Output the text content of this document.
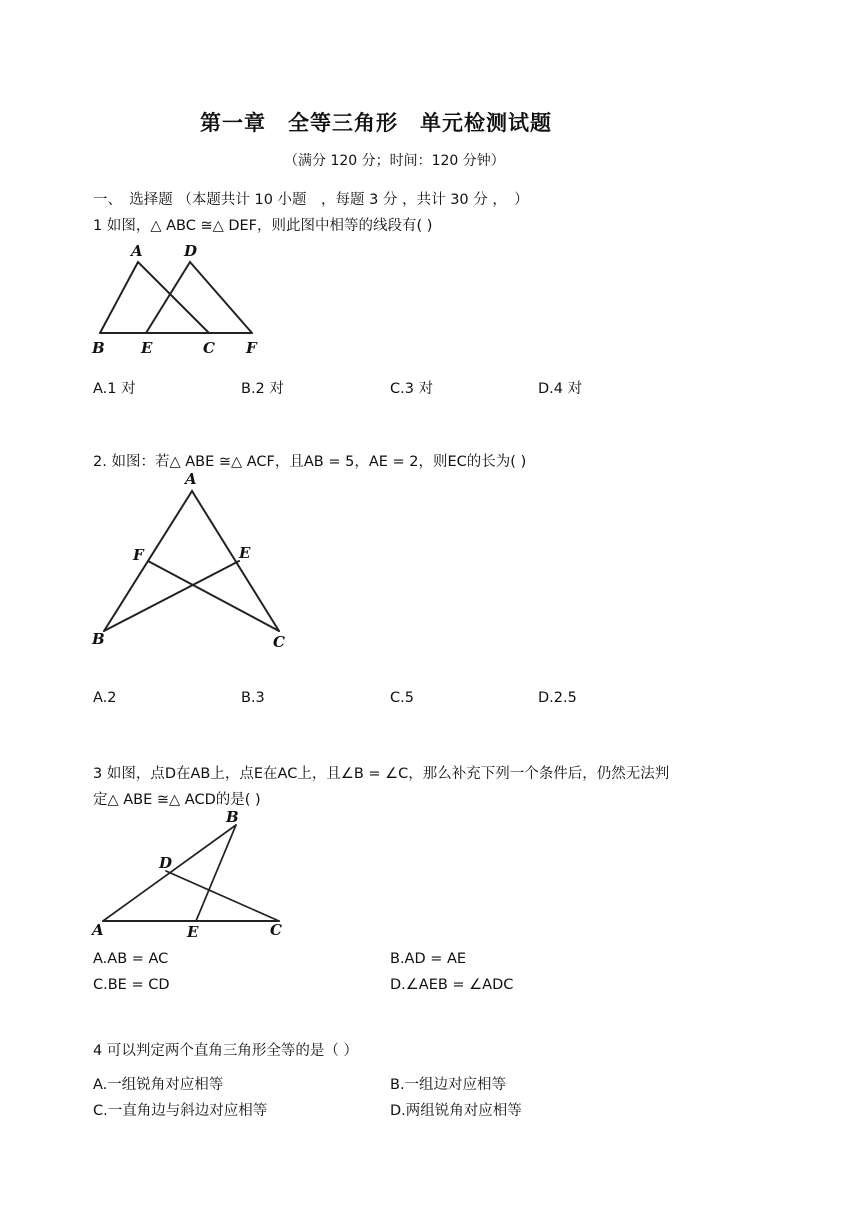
第一章　全等三角形　单元检测试题
（满分 120 分；时间：120 分钟）
一、　选择题 （本题共计 10 小题　，每题 3 分 ，共计 30 分 ，　）
1 如图，△ ABC ≅△ DEF，则此图中相等的线段有( )
A	D
B E	C F
A.1 对	B.2 对	C.3 对	D.4 对
2. 如图：若△ ABE ≅△ ACF，且AB = 5，AE = 2，则EC的长为( )
A
F	E
B	C
A.2	B.3	C.5	D.2.5
3 如图，点D在AB上，点E在AC上，且∠B = ∠C，那么补充下列一个条件后，仍然无法判
定△ ABE ≅△ ACD的是( )
B
D
A	E	C
A.AB = AC	B.AD = AE
C.BE = CD	D.∠AEB = ∠ADC
4 可以判定两个直角三角形全等的是（ ）
A.一组锐角对应相等	B.一组边对应相等
C.一直角边与斜边对应相等	D.两组锐角对应相等
